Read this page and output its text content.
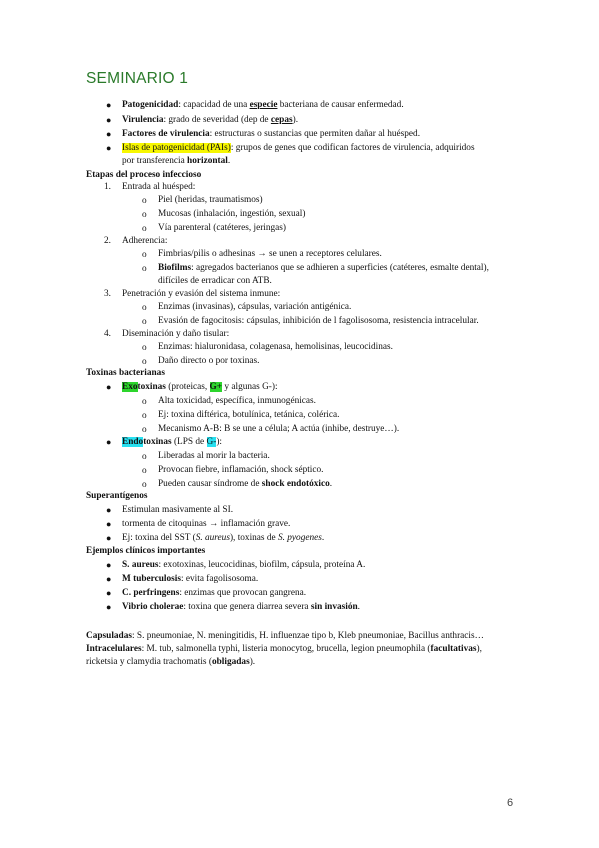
SEMINARIO 1
● Patogenicidad: capacidad de una especie bacteriana de causar enfermedad.
● Virulencia: grado de severidad (dep de cepas).
● Factores de virulencia: estructuras o sustancias que permiten dañar al huésped.
● Islas de patogenicidad (PAIs): grupos de genes que codifican factores de virulencia, adquiridos
por transferencia horizontal.
Etapas del proceso infeccioso
1. Entrada al huésped:
o Piel (heridas, traumatismos)
o Mucosas (inhalación, ingestión, sexual)
o Vía parenteral (catéteres, jeringas)
2. Adherencia:
o Fimbrias/pilis o adhesinas → se unen a receptores celulares.
o Biofilms: agregados bacterianos que se adhieren a superficies (catéteres, esmalte dental),
difíciles de erradicar con ATB.
3. Penetración y evasión del sistema inmune:
o Enzimas (invasinas), cápsulas, variación antigénica.
o Evasión de fagocitosis: cápsulas, inhibición de l fagolisosoma, resistencia intracelular.
4. Diseminación y daño tisular:
o Enzimas: hialuronidasa, colagenasa, hemolisinas, leucocidinas.
o Daño directo o por toxinas.
Toxinas bacterianas
● Exotoxinas (proteicas, G+ y algunas G-):
o Alta toxicidad, específica, inmunogénicas.
o Ej: toxina diftérica, botulínica, tetánica, colérica.
o Mecanismo A-B: B se une a célula; A actúa (inhibe, destruye…).
● Endotoxinas (LPS de G-):
o Liberadas al morir la bacteria.
o Provocan fiebre, inflamación, shock séptico.
o Pueden causar síndrome de shock endotóxico.
Superantígenos
● Estimulan masivamente al SI.
● tormenta de citoquinas → inflamación grave.
● Ej: toxina del SST (S. aureus), toxinas de S. pyogenes.
Ejemplos clínicos importantes
● S. aureus: exotoxinas, leucocidinas, biofilm, cápsula, proteína A.
● M tuberculosis: evita fagolisosoma.
● C. perfringens: enzimas que provocan gangrena.
● Vibrio cholerae: toxina que genera diarrea severa sin invasión.
Capsuladas: S. pneumoniae, N. meningitidis, H. influenzae tipo b, Kleb pneumoniae, Bacillus anthracis…
Intracelulares: M. tub, salmonella typhi, listeria monocytog, brucella, legion pneumophila (facultativas),
ricketsia y clamydia trachomatis (obligadas).
6
